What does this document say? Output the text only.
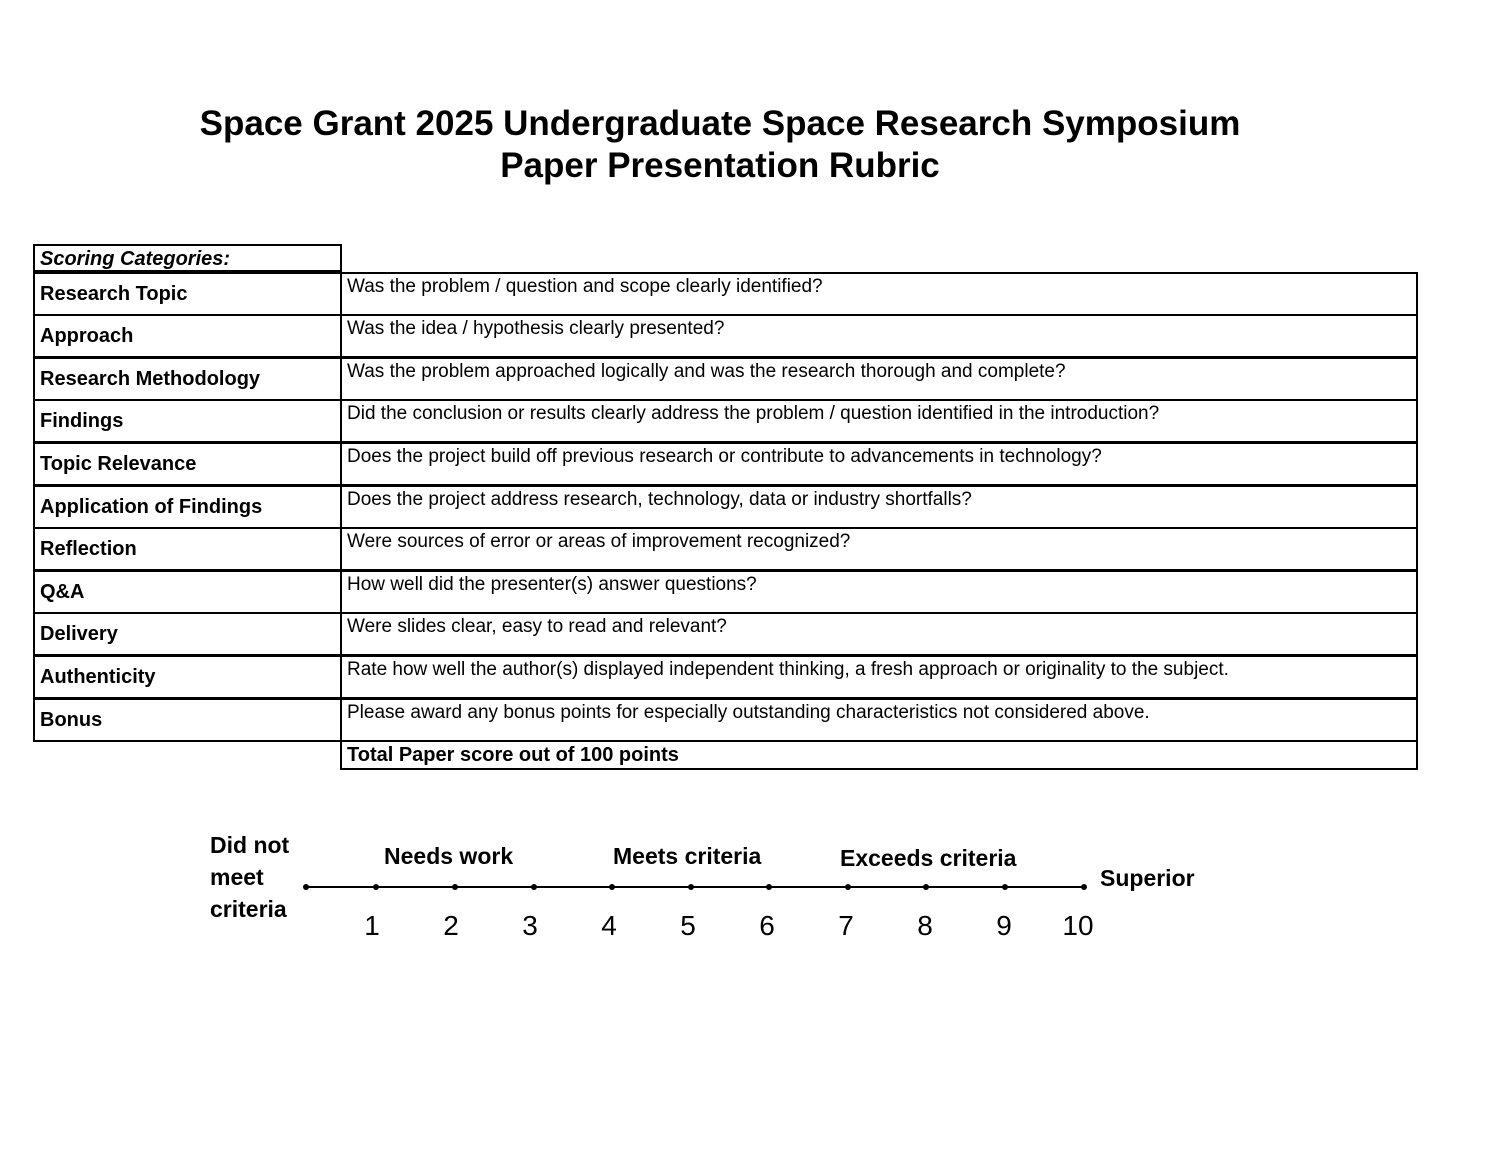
Space Grant 2025 Undergraduate Space Research Symposium
Paper Presentation Rubric
Scoring Categories:
Research Topic	Was the problem / question and scope clearly identified?
Approach	Was the idea / hypothesis clearly presented?
Research Methodology	Was the problem approached logically and was the research thorough and complete?
Findings	Did the conclusion or results clearly address the problem / question identified in the introduction?
Topic Relevance	Does the project build off previous research or contribute to advancements in technology?
Application of Findings	Does the project address research, technology, data or industry shortfalls?
Reflection	Were sources of error or areas of improvement recognized?
Q&A	How well did the presenter(s) answer questions?
Delivery	Were slides clear, easy to read and relevant?
Authenticity	Rate how well the author(s) displayed independent thinking, a fresh approach or originality to the subject.
Bonus	Please award any bonus points for especially outstanding characteristics not considered above.
Total Paper score out of 100 points
Did not meet criteria
Needs work	Meets criteria	Exceeds criteria
Superior
1	2	3	4	5	6	7	8	9	10
